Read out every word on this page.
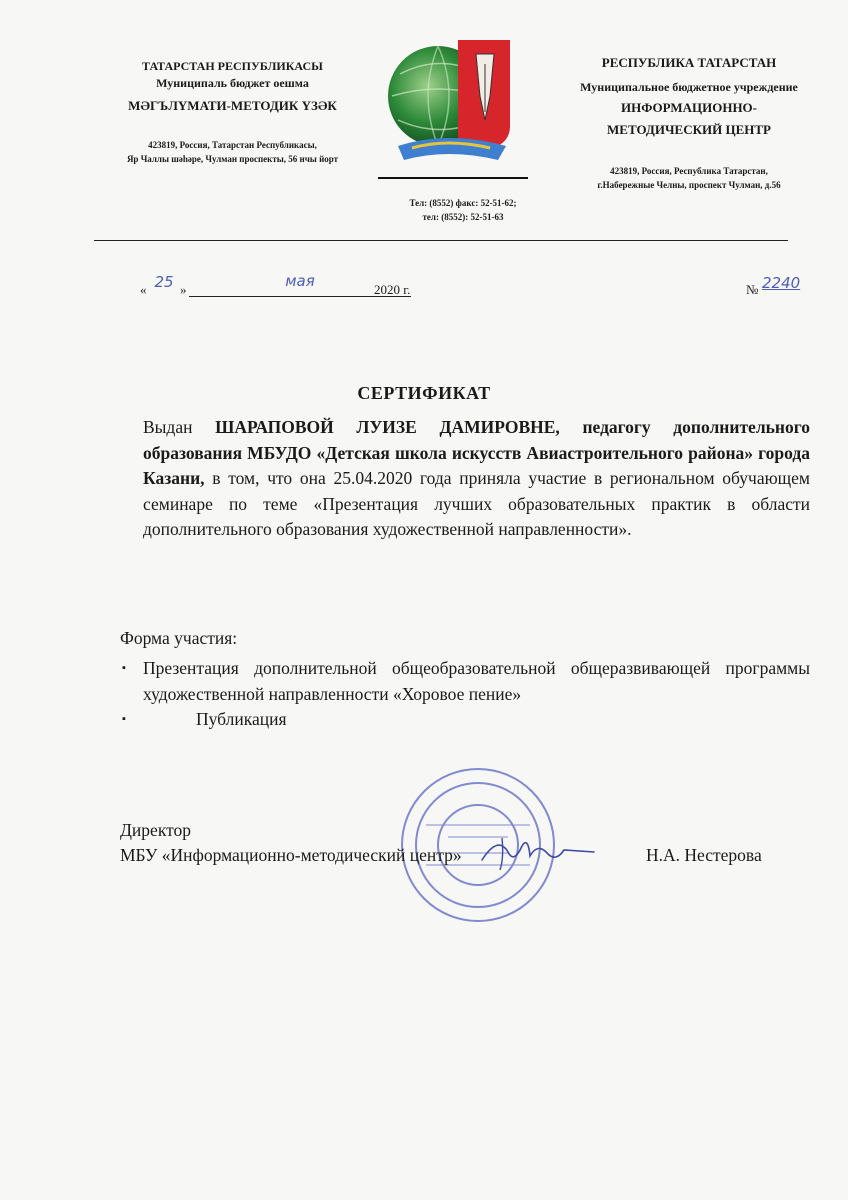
ТАТАРСТАН РЕСПУБЛИКАСЫ
Муниципаль бюджет оешма
МӘГЪЛҮМАТИ-МЕТОДИК ҮЗӘК
423819, Россия, Татарстан Республикасы,
Яр Чаллы шәһәре, Чулман проспекты, 56 нчы йорт
Тел: (8552) факс: 52-51-62;
тел: (8552): 52-51-63
РЕСПУБЛИКА ТАТАРСТАН
Муниципальное бюджетное учреждение
ИНФОРМАЦИОННО-
МЕТОДИЧЕСКИЙ ЦЕНТР
423819, Россия, Республика Татарстан,
г.Набережные Челны, проспект Чулман, д.56
« 25 »	мая	2020 г.	№ 2240
СЕРТИФИКАТ
Выдан ШАРАПОВОЙ ЛУИЗЕ ДАМИРОВНЕ, педагогу дополнительного образования МБУДО «Детская школа искусств Авиастроительного района» города Казани, в том, что она 25.04.2020 года приняла участие в региональном обучающем семинаре по теме «Презентация лучших образовательных практик в области дополнительного образования художественной направленности».
Форма участия:
▪ Презентация дополнительной общеобразовательной общеразвивающей программы художественной направленности «Хоровое пение»
▪	Публикация
Директор
МБУ «Информационно-методический центр»	Н.А. Нестерова
